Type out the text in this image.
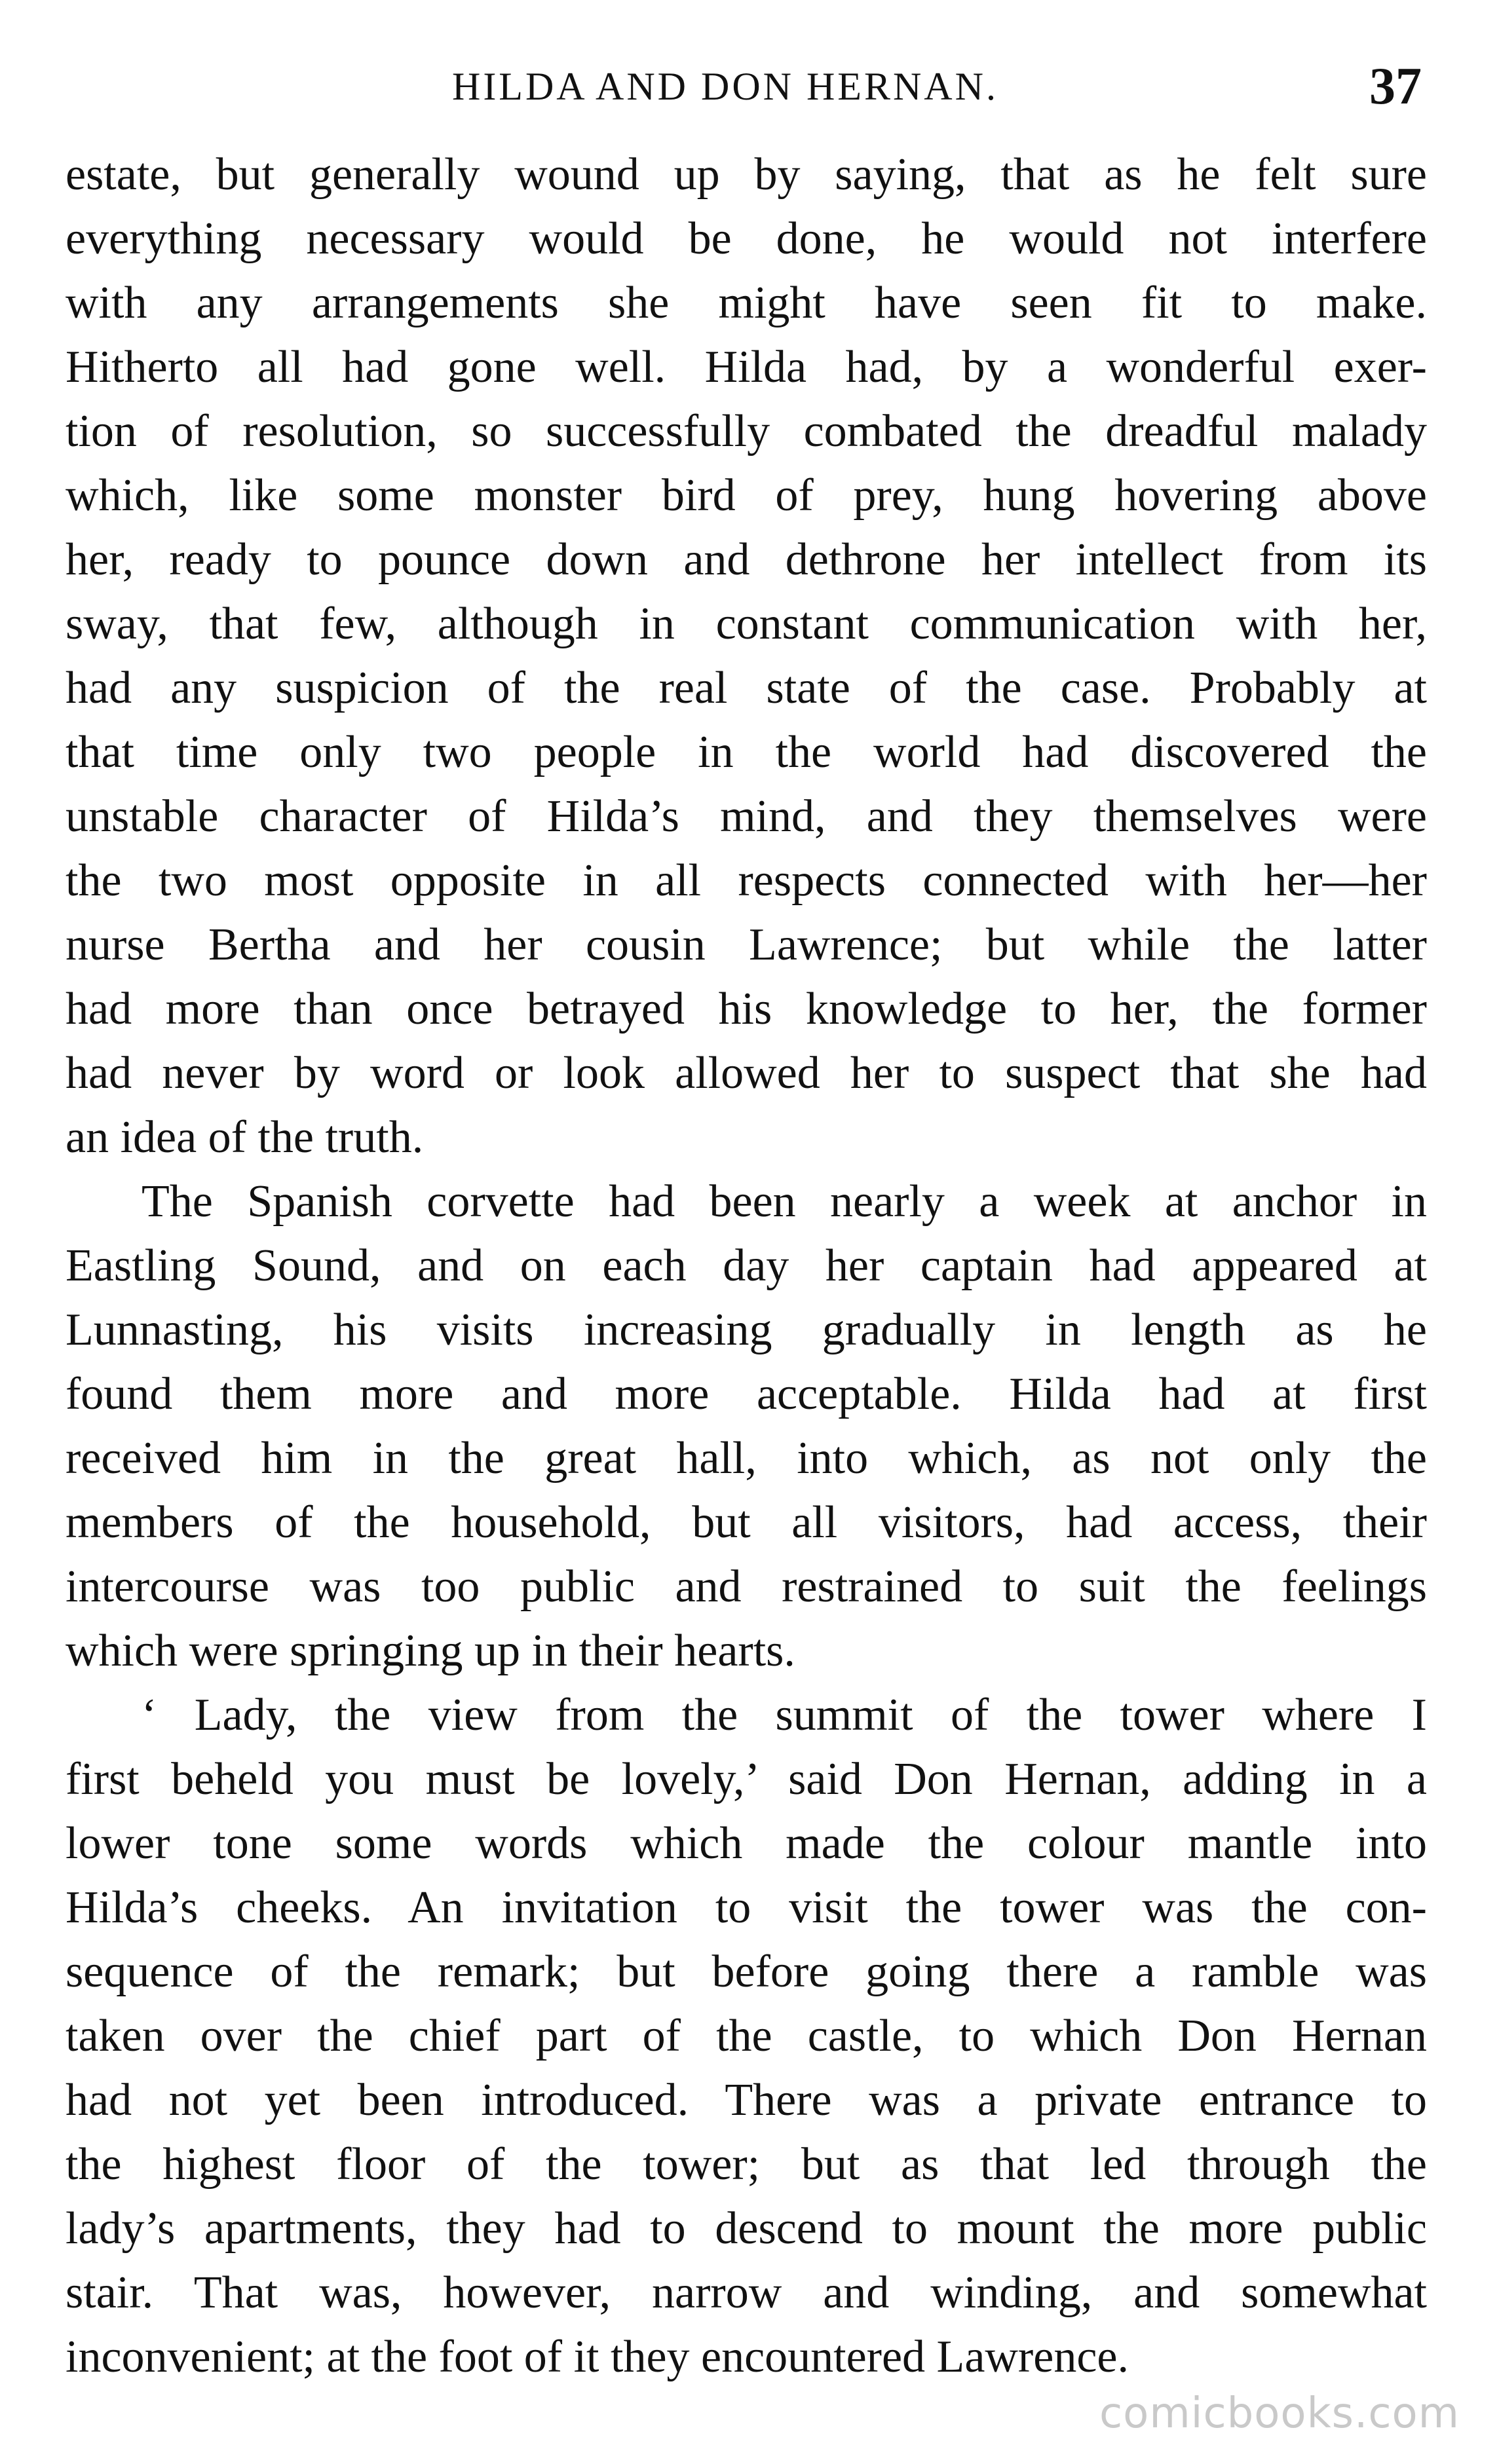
HILDA AND DON HERNAN.	37
estate, but generally wound up by saying, that as he felt sure
everything necessary would be done, he would not interfere
with any arrangements she might have seen fit to make.
Hitherto all had gone well. Hilda had, by a wonderful exer-
tion of resolution, so successfully combated the dreadful malady
which, like some monster bird of prey, hung hovering above
her, ready to pounce down and dethrone her intellect from its
sway, that few, although in constant communication with her,
had any suspicion of the real state of the case. Probably at
that time only two people in the world had discovered the
unstable character of Hilda’s mind, and they themselves were
the two most opposite in all respects connected with her—her
nurse Bertha and her cousin Lawrence; but while the latter
had more than once betrayed his knowledge to her, the former
had never by word or look allowed her to suspect that she had
an idea of the truth.
The Spanish corvette had been nearly a week at anchor in
Eastling Sound, and on each day her captain had appeared at
Lunnasting, his visits increasing gradually in length as he
found them more and more acceptable. Hilda had at first
received him in the great hall, into which, as not only the
members of the household, but all visitors, had access, their
intercourse was too public and restrained to suit the feelings
which were springing up in their hearts.
‘ Lady, the view from the summit of the tower where I
first beheld you must be lovely,’ said Don Hernan, adding in a
lower tone some words which made the colour mantle into
Hilda’s cheeks. An invitation to visit the tower was the con-
sequence of the remark; but before going there a ramble was
taken over the chief part of the castle, to which Don Hernan
had not yet been introduced. There was a private entrance to
the highest floor of the tower; but as that led through the
lady’s apartments, they had to descend to mount the more public
stair. That was, however, narrow and winding, and somewhat
inconvenient; at the foot of it they encountered Lawrence.
comicbooks.com
